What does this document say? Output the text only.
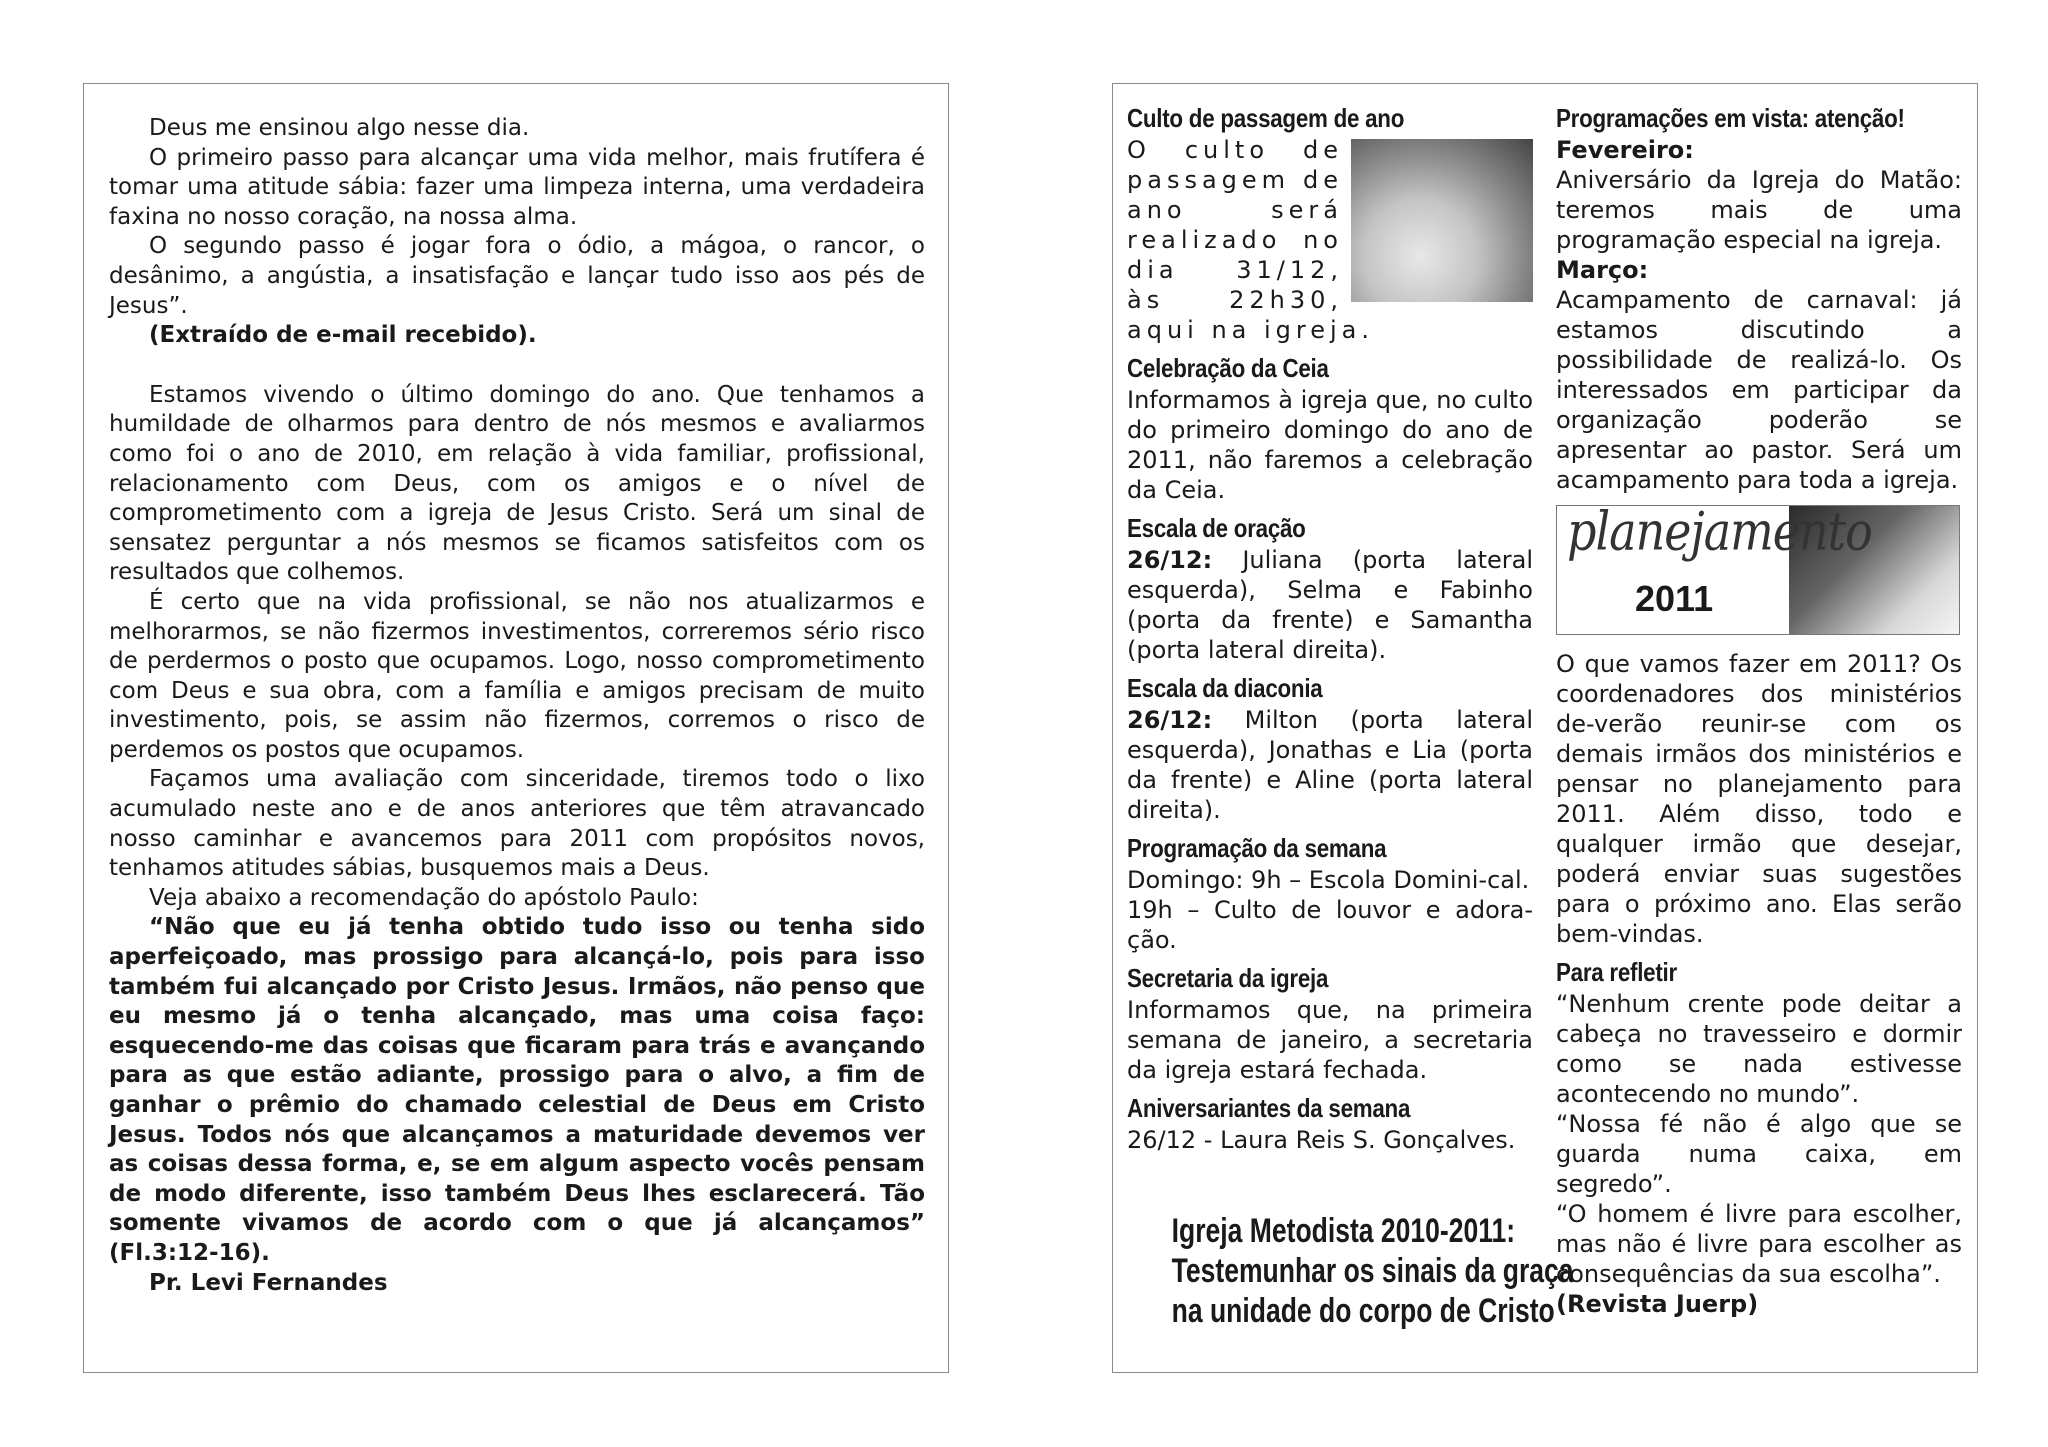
Deus me ensinou algo nesse dia.

O primeiro passo para alcançar uma vida melhor, mais frutífera é tomar uma atitude sábia: fazer uma limpeza interna, uma verdadeira faxina no nosso coração, na nossa alma.

O segundo passo é jogar fora o ódio, a mágoa, o rancor, o desânimo, a angústia, a insatisfação e lançar tudo isso aos pés de Jesus”.

(Extraído de e-mail recebido).

Estamos vivendo o último domingo do ano. Que tenhamos a humildade de olharmos para dentro de nós mesmos e avaliarmos como foi o ano de 2010, em relação à vida familiar, profissional, relacionamento com Deus, com os amigos e o nível de comprometimento com a igreja de Jesus Cristo. Será um sinal de sensatez perguntar a nós mesmos se ficamos satisfeitos com os resultados que colhemos.

É certo que na vida profissional, se não nos atualizarmos e melhorarmos, se não fizermos investimentos, correremos sério risco de perdermos o posto que ocupamos. Logo, nosso comprometimento com Deus e sua obra, com a família e amigos precisam de muito investimento, pois, se assim não fizermos, corremos o risco de perdemos os postos que ocupamos.

Façamos uma avaliação com sinceridade, tiremos todo o lixo acumulado neste ano e de anos anteriores que têm atravancado nosso caminhar e avancemos para 2011 com propósitos novos, tenhamos atitudes sábias, busquemos mais a Deus.

Veja abaixo a recomendação do apóstolo Paulo:

“Não que eu já tenha obtido tudo isso ou tenha sido aperfeiçoado, mas prossigo para alcançá-lo, pois para isso também fui alcançado por Cristo Jesus. Irmãos, não penso que eu mesmo já o tenha alcançado, mas uma coisa faço: esquecendo-me das coisas que ficaram para trás e avançando para as que estão adiante, prossigo para o alvo, a fim de ganhar o prêmio do chamado celestial de Deus em Cristo Jesus. Todos nós que alcançamos a maturidade devemos ver as coisas dessa forma, e, se em algum aspecto vocês pensam de modo diferente, isso também Deus lhes esclarecerá. Tão somente vivamos de acordo com o que já alcançamos” (Fl.3:12-16).

Pr. Levi Fernandes

Culto de passagem de ano

O culto de passagem de ano será realizado no dia 31/12, às 22h30, aqui na igreja.

Celebração da Ceia

Informamos à igreja que, no culto do primeiro domingo do ano de 2011, não faremos a celebração da Ceia.

Escala de oração

26/12: Juliana (porta lateral esquerda), Selma e Fabinho (porta da frente) e Samantha (porta lateral direita).

Escala da diaconia

26/12: Milton (porta lateral esquerda), Jonathas e Lia (porta da frente) e Aline (porta lateral direita).

Programação da semana

Domingo: 9h – Escola Domini-cal.

19h – Culto de louvor e adora-ção.

Secretaria da igreja

Informamos que, na primeira semana de janeiro, a secretaria da igreja estará fechada.

Aniversariantes da semana

26/12 - Laura Reis S. Gonçalves.

Igreja Metodista 2010-2011:
Testemunhar os sinais da graça
na unidade do corpo de Cristo
Programações em vista: atenção!

Fevereiro:

Aniversário da Igreja do Matão: teremos mais de uma programação especial na igreja.

Março:

Acampamento de carnaval: já estamos discutindo a possibilidade de realizá-lo. Os interessados em participar da organização poderão se apresentar ao pastor. Será um acampamento para toda a igreja.

planejamento
2011

O que vamos fazer em 2011? Os coordenadores dos ministérios de-verão reunir-se com os demais irmãos dos ministérios e pensar no planejamento para 2011. Além disso, todo e qualquer irmão que desejar, poderá enviar suas sugestões para o próximo ano. Elas serão bem-vindas.

Para refletir

“Nenhum crente pode deitar a cabeça no travesseiro e dormir como se nada estivesse acontecendo no mundo”.

“Nossa fé não é algo que se guarda numa caixa, em segredo”.

“O homem é livre para escolher, mas não é livre para escolher as consequências da sua escolha”.

(Revista Juerp)
